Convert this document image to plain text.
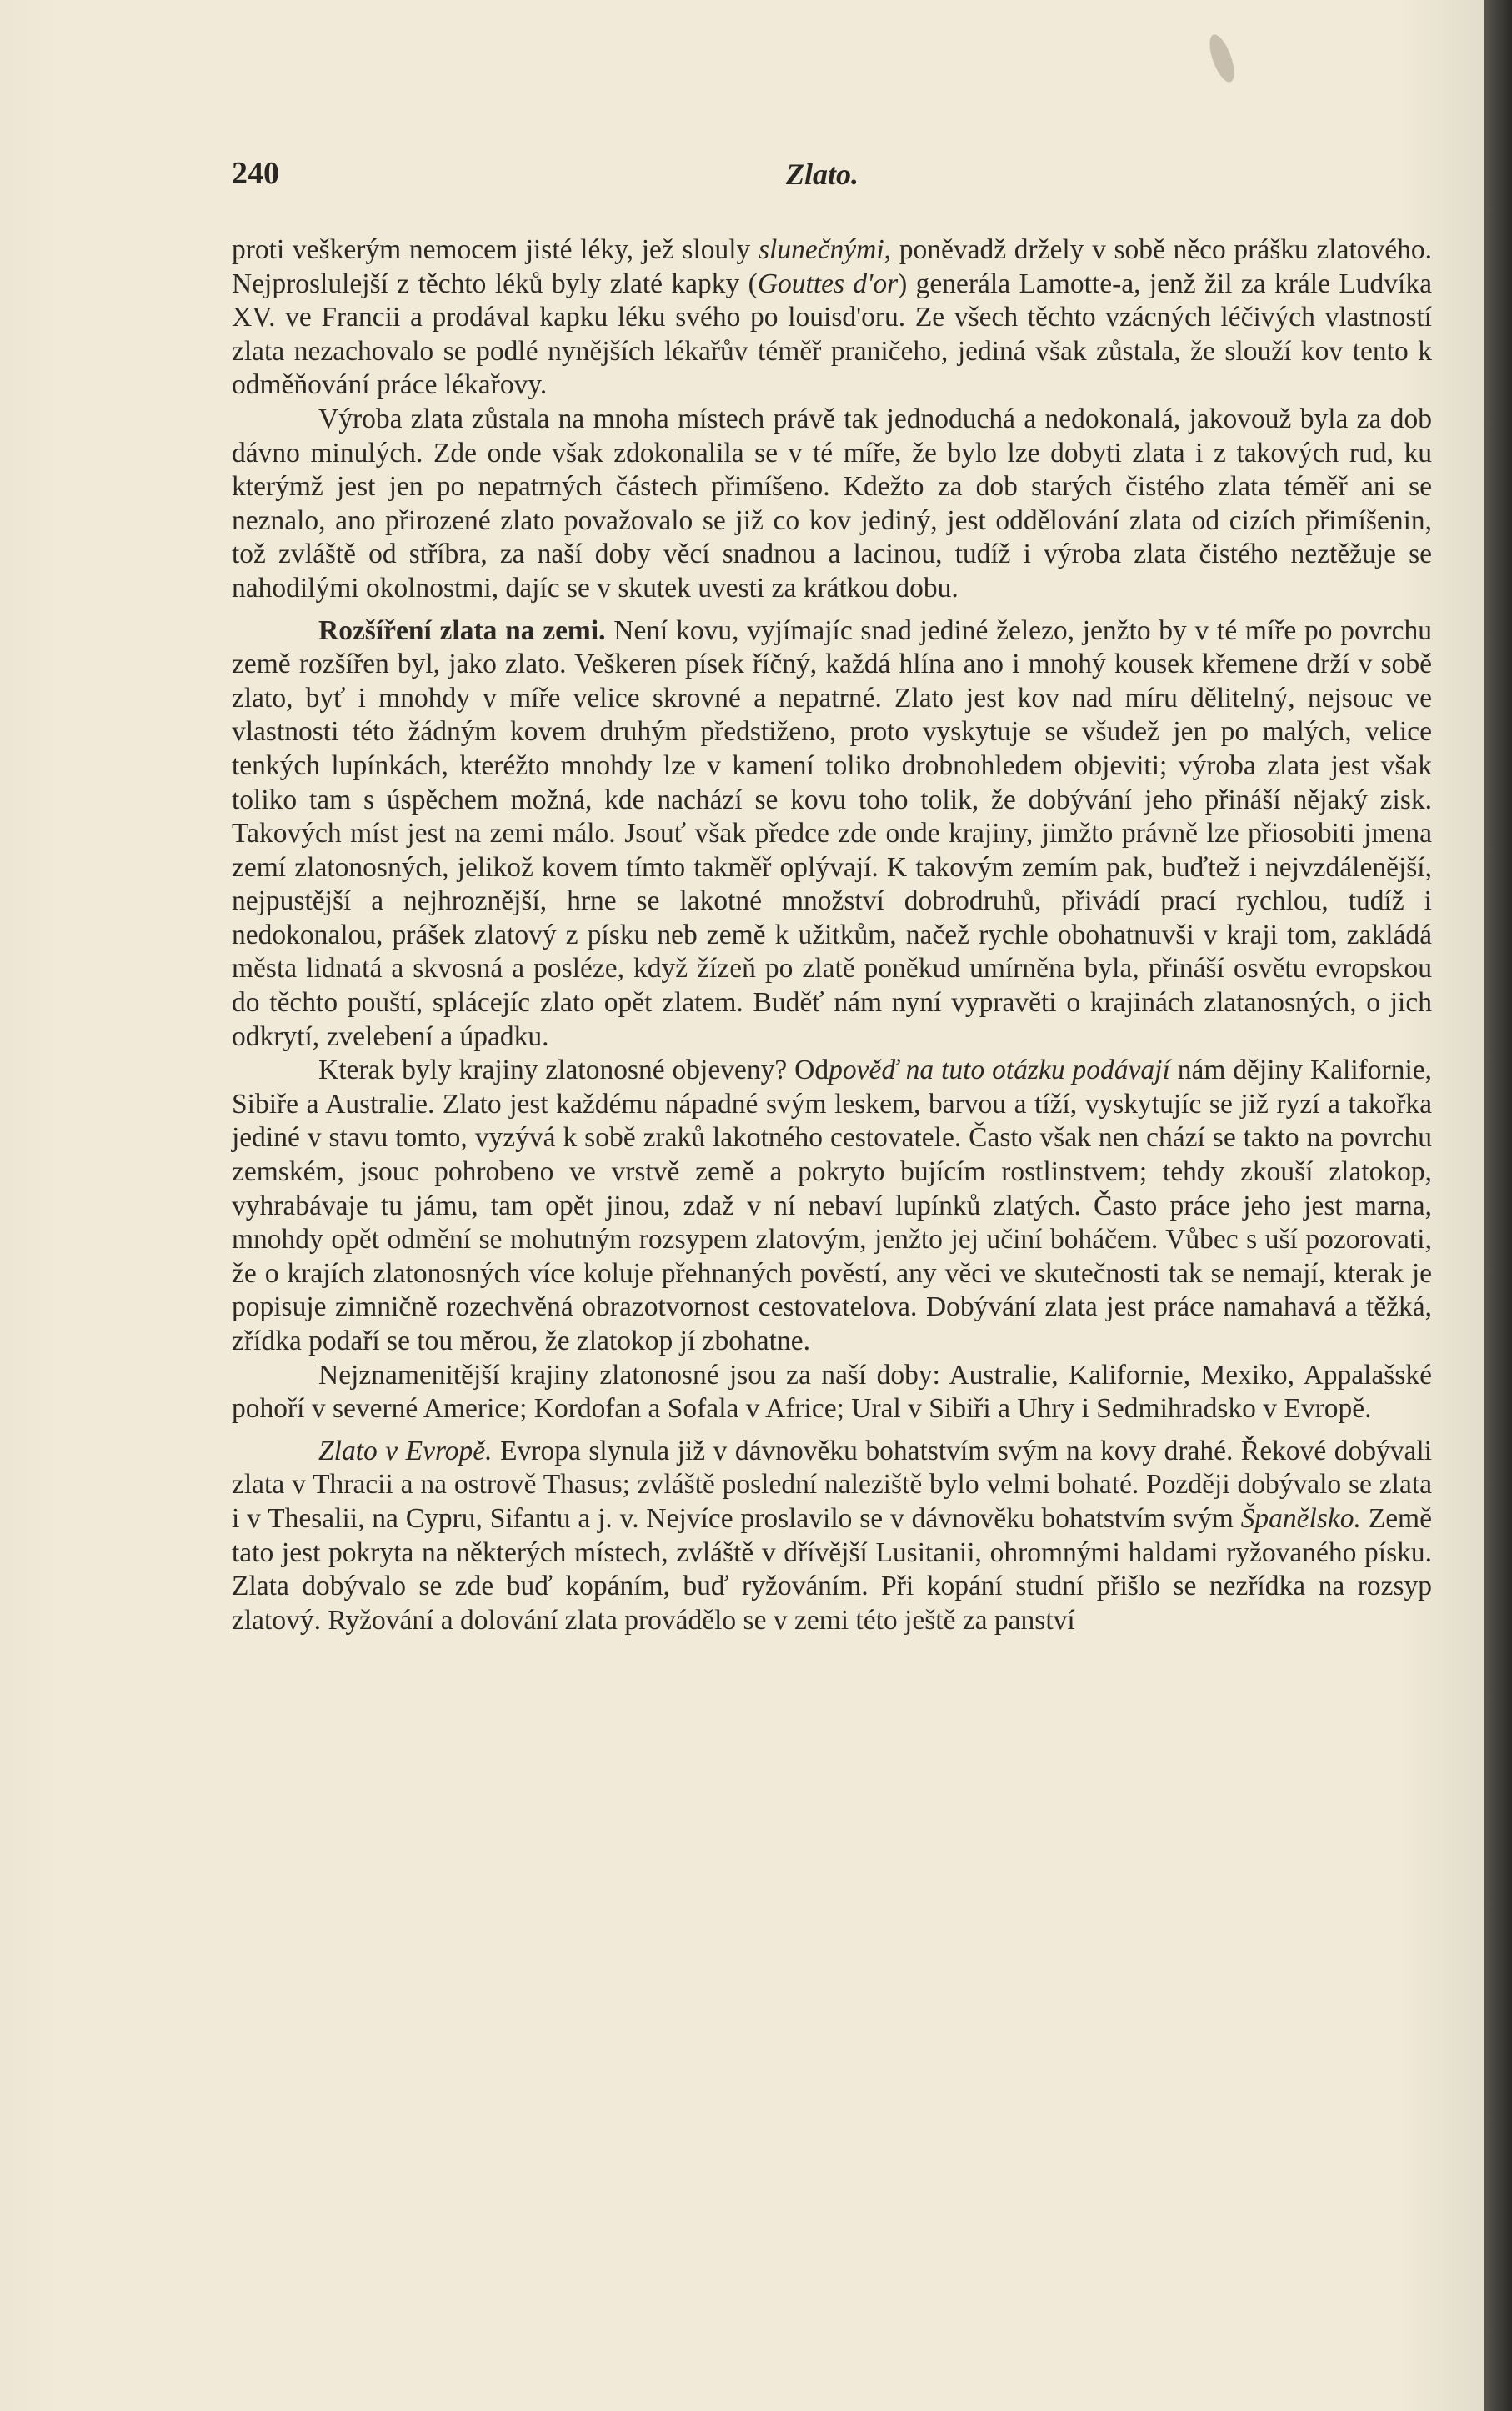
240	Zlato.

proti veškerým nemocem jisté léky, jež slouly slunečnými, poněvadž držely v sobě něco prášku zlatového. Nejproslulejší z těchto léků byly zlaté kapky (Gouttes d'or) generála Lamotte-a, jenž žil za krále Ludvíka XV. ve Francii a prodával kapku léku svého po louisd'oru. Ze všech těchto vzácných léčivých vlastností zlata nezachovalo se podlé nynějších lékařův téměř praničeho, jediná však zůstala, že slouží kov tento k odměňování práce lékařovy.

Výroba zlata zůstala na mnoha místech právě tak jednoduchá a nedokonalá, jakovouž byla za dob dávno minulých. Zde onde však zdokonalila se v té míře, že bylo lze dobyti zlata i z takových rud, ku kterýmž jest jen po nepatrných částech přimíšeno. Kdežto za dob starých čistého zlata téměř ani se neznalo, ano přirozené zlato považovalo se již co kov jediný, jest oddělování zlata od cizích přimíšenin, tož zvláště od stříbra, za naší doby věcí snadnou a lacinou, tudíž i výroba zlata čistého neztěžuje se nahodilými okolnostmi, dajíc se v skutek uvesti za krátkou dobu.

Rozšíření zlata na zemi. Není kovu, vyjímajíc snad jediné železo, jenžto by v té míře po povrchu země rozšířen byl, jako zlato. Veškeren písek říčný, každá hlína ano i mnohý kousek křemene drží v sobě zlato, byť i mnohdy v míře velice skrovné a nepatrné. Zlato jest kov nad míru dělitelný, nejsouc ve vlastnosti této žádným kovem druhým předstiženo, proto vyskytuje se všudež jen po malých, velice tenkých lupínkách, kteréžto mnohdy lze v kamení toliko drobnohledem objeviti; výroba zlata jest však toliko tam s úspěchem možná, kde nachází se kovu toho tolik, že dobývání jeho přináší nějaký zisk. Takových míst jest na zemi málo. Jsouť však předce zde onde krajiny, jimžto právně lze přiosobiti jmena zemí zlatonosných, jelikož kovem tímto takměř oplývají. K takovým zemím pak, buďtež i nejvzdálenější, nejpustější a nejhroznější, hrne se lakotné množství dobrodruhů, přivádí prací rychlou, tudíž i nedokonalou, prášek zlatový z písku neb země k užitkům, načež rychle obohatnuvši v kraji tom, zakládá města lidnatá a skvosná a posléze, když žízeň po zlatě poněkud umírněna byla, přináší osvětu evropskou do těchto pouští, splácejíc zlato opět zlatem. Buděť nám nyní vypravěti o krajinách zlatanosných, o jich odkrytí, zvelebení a úpadku.

Kterak byly krajiny zlatonosné objeveny? Odpověď na tuto otázku podávají nám dějiny Kalifornie, Sibiře a Australie. Zlato jest každému nápadné svým leskem, barvou a tíží, vyskytujíc se již ryzí a takořka jediné v stavu tomto, vyzývá k sobě zraků lakotného cestovatele. Často však nen chází se takto na povrchu zemském, jsouc pohrobeno ve vrstvě země a pokryto bujícím rostlinstvem; tehdy zkouší zlatokop, vyhrabávaje tu jámu, tam opět jinou, zdaž v ní nebaví lupínků zlatých. Často práce jeho jest marna, mnohdy opět odmění se mohutným rozsypem zlatovým, jenžto jej učiní boháčem. Vůbec s uší pozorovati, že o krajích zlatonosných více koluje přehnaných pověstí, any věci ve skutečnosti tak se nemají, kterak je popisuje zimničně rozechvěná obrazotvornost cestovatelova. Dobývání zlata jest práce namahavá a těžká, zřídka podaří se tou měrou, že zlatokop jí zbohatne.

Nejznamenitější krajiny zlatonosné jsou za naší doby: Australie, Kalifornie, Mexiko, Appalašské pohoří v severné Americe; Kordofan a Sofala v Africe; Ural v Sibiři a Uhry i Sedmihradsko v Evropě.

Zlato v Evropě. Evropa slynula již v dávnověku bohatstvím svým na kovy drahé. Řekové dobývali zlata v Thracii a na ostrově Thasus; zvláště poslední naleziště bylo velmi bohaté. Později dobývalo se zlata i v Thesalii, na Cypru, Sifantu a j. v. Nejvíce proslavilo se v dávnověku bohatstvím svým Španělsko. Země tato jest pokryta na některých místech, zvláště v dřívější Lusitanii, ohromnými haldami ryžovaného písku. Zlata dobývalo se zde buď kopáním, buď ryžováním. Při kopání studní přišlo se nezřídka na rozsyp zlatový. Ryžování a dolování zlata provádělo se v zemi této ještě za panství
